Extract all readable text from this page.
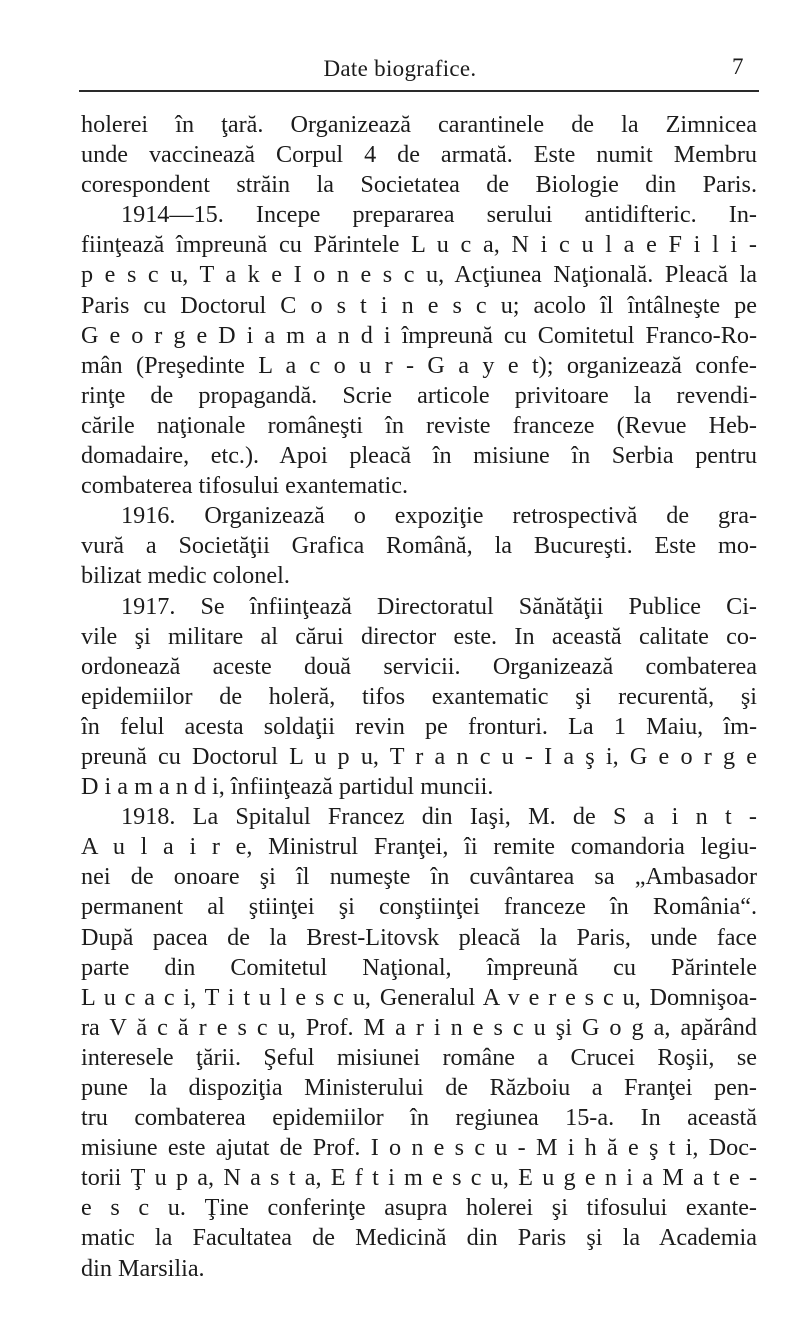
Date biografice.	7
holerei în ţară. Organizează carantinele de la Zimnicea
unde vaccinează Corpul 4 de armată. Este numit Membru
corespondent străin la Societatea de Biologie din Paris.
1914—15. Incepe prepararea serului antidifteric. In-
fiinţează împreună cu Părintele L u c a, N i c u l a e F i l i -
p e s c u, T a k e I o n e s c u, Acţiunea Naţională. Pleacă la
Paris cu Doctorul C o s t i n e s c u; acolo îl întâlneşte pe
G e o r g e D i a m a n d i împreună cu Comitetul Franco-Ro-
mân (Preşedinte L a c o u r - G a y e t); organizează confe-
rinţe de propagandă. Scrie articole privitoare la revendi-
cările naţionale româneşti în reviste franceze (Revue Heb-
domadaire, etc.). Apoi pleacă în misiune în Serbia pentru
combaterea tifosului exantematic.
1916. Organizează o expoziţie retrospectivă de gra-
vură a Societăţii Grafica Română, la Bucureşti. Este mo-
bilizat medic colonel.
1917. Se înfiinţează Directoratul Sănătăţii Publice Ci-
vile şi militare al cărui director este. In această calitate co-
ordonează aceste două servicii. Organizează combaterea
epidemiilor de holeră, tifos exantematic şi recurentă, şi
în felul acesta soldaţii revin pe fronturi. La 1 Maiu, îm-
preună cu Doctorul L u p u, T r a n c u - I a ş i, G e o r g e
D i a m a n d i, înfiinţează partidul muncii.
1918. La Spitalul Francez din Iaşi, M. de S a i n t -
A u l a i r e, Ministrul Franţei, îi remite comandoria legiu-
nei de onoare şi îl numeşte în cuvântarea sa „Ambasador
permanent al ştiinţei şi conştiinţei franceze în România“.
După pacea de la Brest-Litovsk pleacă la Paris, unde face
parte din Comitetul Naţional, împreună cu Părintele
L u c a c i, T i t u l e s c u, Generalul A v e r e s c u, Domnişoa-
ra V ă c ă r e s c u, Prof. M a r i n e s c u şi G o g a, apărând
interesele ţării. Şeful misiunei române a Crucei Roşii, se
pune la dispoziţia Ministerului de Războiu a Franţei pen-
tru combaterea epidemiilor în regiunea 15-a. In această
misiune este ajutat de Prof. I o n e s c u - M i h ă e ş t i, Doc-
torii Ţ u p a, N a s t a, E f t i m e s c u, E u g e n i a M a t e -
e s c u. Ţine conferinţe asupra holerei şi tifosului exante-
matic la Facultatea de Medicină din Paris şi la Academia
din Marsilia.
